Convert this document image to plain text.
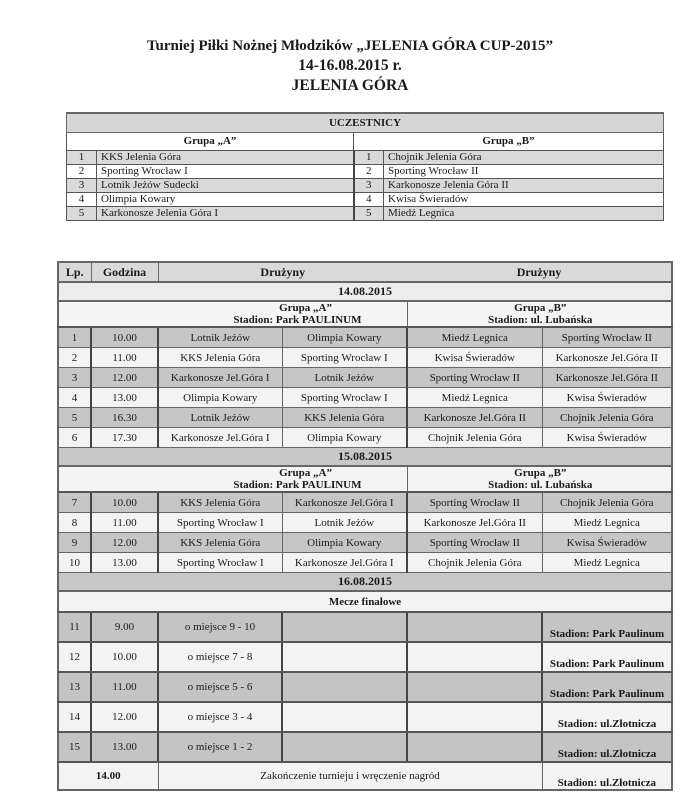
Turniej Piłki Nożnej Młodzików „JELENIA GÓRA CUP-2015”
14-16.08.2015 r.
JELENIA GÓRA
UCZESTNICY			
Grupa „A”		Grupa „B”	
1	KKS Jelenia Góra	1	Chojnik Jelenia Góra
2	Sporting Wrocław I	2	Sporting Wrocław II
3	Lotnik Jeżów Sudecki	3	Karkonosze Jelenia Góra II
4	Olimpia Kowary	4	Kwisa Świeradów
5	Karkonosze Jelenia Góra I	5	Miedź Legnica
Lp.	Godzina	Drużyny		Drużyny	
14.08.2015					
Grupa „A”
Stadion: Park PAULINUM				Grupa „B”
Stadion: ul. Lubańska	
1	10.00	Lotnik Jeżów	Olimpia Kowary	Miedź Legnica	Sporting Wrocław II
2	11.00	KKS Jelenia Góra	Sporting Wrocław I	Kwisa Świeradów	Karkonosze Jel.Góra II
3	12.00	Karkonosze Jel.Góra I	Lotnik Jeżów	Sporting Wrocław II	Karkonosze Jel.Góra II
4	13.00	Olimpia Kowary	Sporting Wrocław I	Miedź Legnica	Kwisa Świeradów
5	16.30	Lotnik Jeżów	KKS Jelenia Góra	Karkonosze Jel.Góra II	Chojnik Jelenia Góra
6	17.30	Karkonosze Jel.Góra I	Olimpia Kowary	Chojnik Jelenia Góra	Kwisa Świeradów
15.08.2015					
Grupa „A”
Stadion: Park PAULINUM				Grupa „B”
Stadion: ul. Lubańska	
7	10.00	KKS Jelenia Góra	Karkonosze Jel.Góra I	Sporting Wrocław II	Chojnik Jelenia Góra
8	11.00	Sporting Wrocław I	Lotnik Jeżów	Karkonosze Jel.Góra II	Miedź Legnica
9	12.00	KKS Jelenia Góra	Olimpia Kowary	Sporting Wrocław II	Kwisa Świeradów
10	13.00	Sporting Wrocław I	Karkonosze Jel.Góra I	Chojnik Jelenia Góra	Miedź Legnica
16.08.2015					
Mecze finałowe					
11	9.00	o miejsce 9 - 10			Stadion: Park Paulinum
12	10.00	o miejsce 7 - 8			Stadion: Park Paulinum
13	11.00	o miejsce 5 - 6			Stadion: Park Paulinum
14	12.00	o miejsce 3 - 4			Stadion: ul.Złotnicza
15	13.00	o miejsce 1 - 2			Stadion: ul.Złotnicza
14.00		Zakończenie turnieju i wręczenie nagród			Stadion: ul.Złotnicza
